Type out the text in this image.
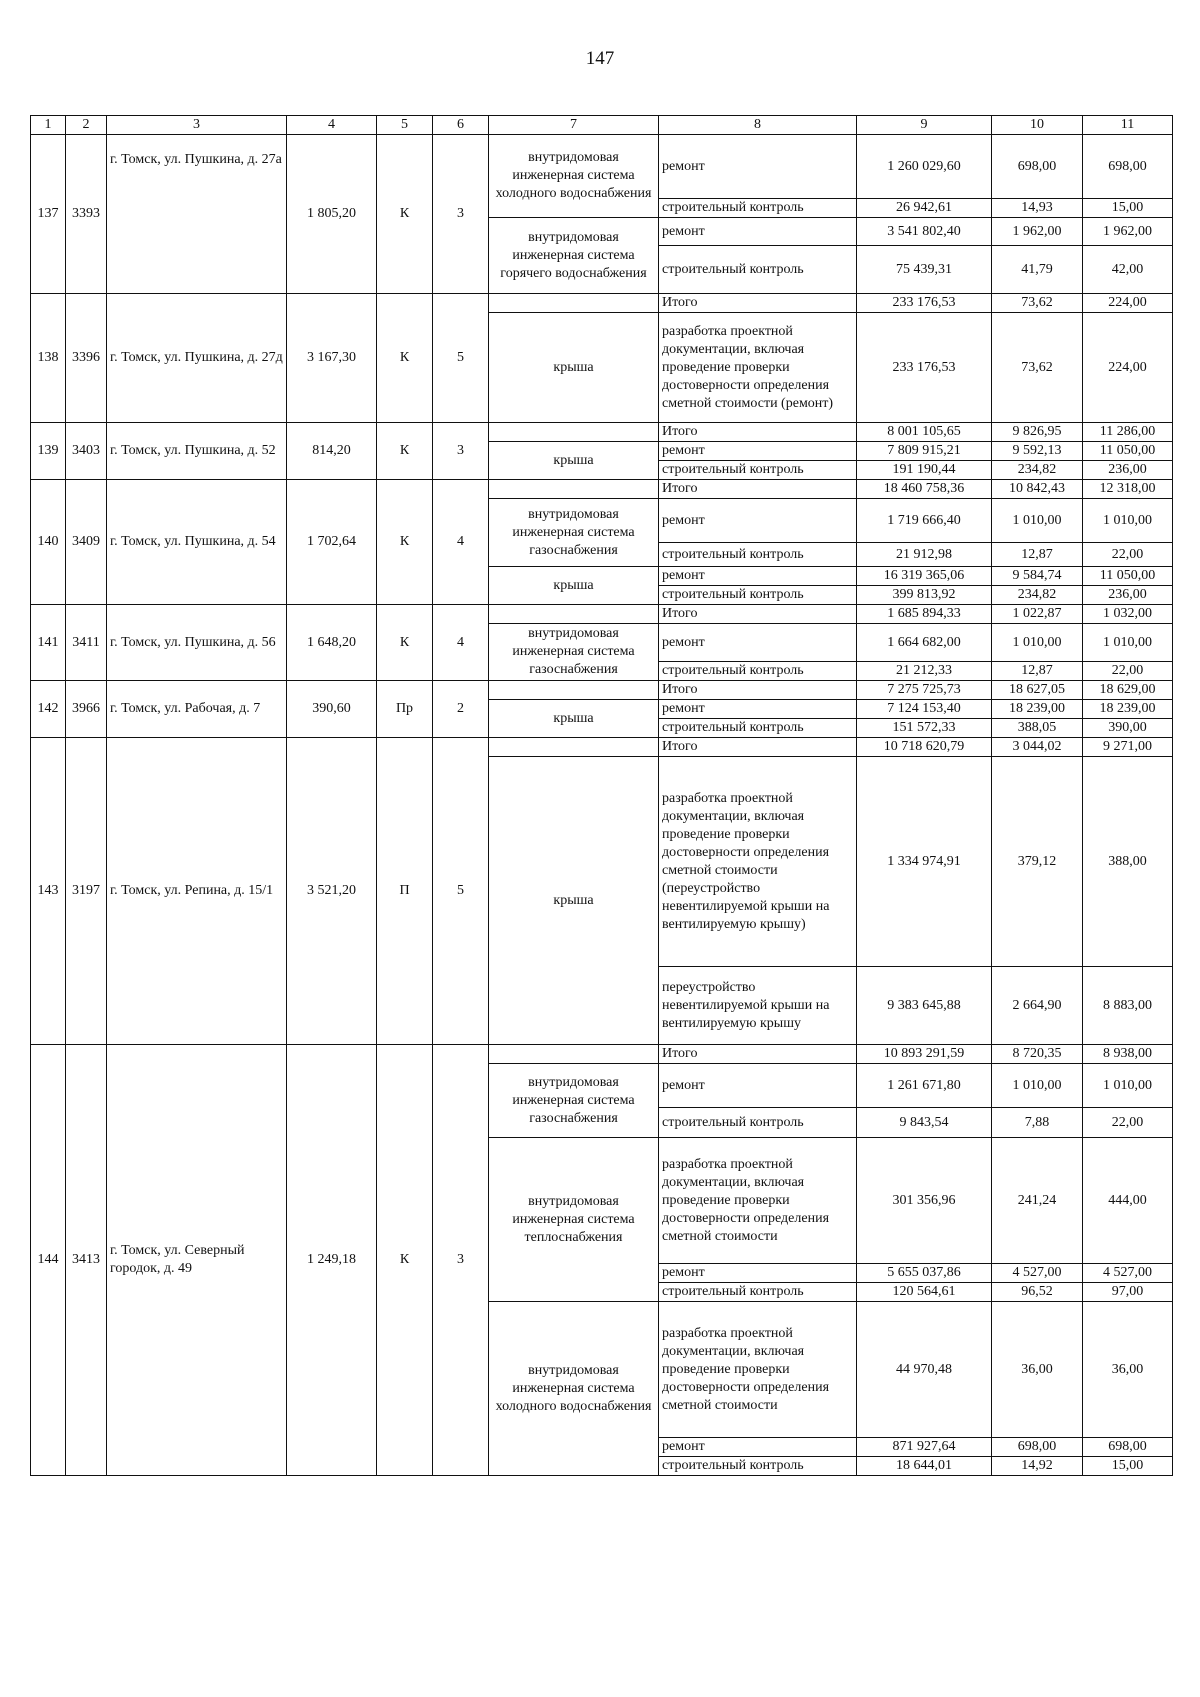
147
1	2	3	4	5	6	7	8	9	10	11
137	3393	г. Томск, ул. Пушкина, д. 27а	1 805,20	К	3	внутридомовая инженерная система холодного водоснабжения	ремонт	1 260 029,60	698,00	698,00
							строительный контроль	26 942,61	14,93	15,00
						внутридомовая инженерная система горячего водоснабжения	ремонт	3 541 802,40	1 962,00	1 962,00
							строительный контроль	75 439,31	41,79	42,00
138	3396	г. Томск, ул. Пушкина, д. 27д	3 167,30	К	5		Итого	233 176,53	73,62	224,00
						крыша	разработка проектной документации, включая проведение проверки достоверности определения сметной стоимости (ремонт)	233 176,53	73,62	224,00
139	3403	г. Томск, ул. Пушкина, д. 52	814,20	К	3		Итого	8 001 105,65	9 826,95	11 286,00
						крыша	ремонт	7 809 915,21	9 592,13	11 050,00
							строительный контроль	191 190,44	234,82	236,00
140	3409	г. Томск, ул. Пушкина, д. 54	1 702,64	К	4		Итого	18 460 758,36	10 842,43	12 318,00
						внутридомовая инженерная система газоснабжения	ремонт	1 719 666,40	1 010,00	1 010,00
							строительный контроль	21 912,98	12,87	22,00
						крыша	ремонт	16 319 365,06	9 584,74	11 050,00
							строительный контроль	399 813,92	234,82	236,00
141	3411	г. Томск, ул. Пушкина, д. 56	1 648,20	К	4		Итого	1 685 894,33	1 022,87	1 032,00
						внутридомовая инженерная система газоснабжения	ремонт	1 664 682,00	1 010,00	1 010,00
							строительный контроль	21 212,33	12,87	22,00
142	3966	г. Томск, ул. Рабочая, д. 7	390,60	Пр	2		Итого	7 275 725,73	18 627,05	18 629,00
						крыша	ремонт	7 124 153,40	18 239,00	18 239,00
							строительный контроль	151 572,33	388,05	390,00
143	3197	г. Томск, ул. Репина, д. 15/1	3 521,20	П	5		Итого	10 718 620,79	3 044,02	9 271,00
						крыша	разработка проектной документации, включая проведение проверки достоверности определения сметной стоимости (переустройство невентилируемой крыши на вентилируемую крышу)	1 334 974,91	379,12	388,00
							переустройство невентилируемой крыши на вентилируемую крышу	9 383 645,88	2 664,90	8 883,00
144	3413	г. Томск, ул. Северный городок, д. 49	1 249,18	К	3		Итого	10 893 291,59	8 720,35	8 938,00
						внутридомовая инженерная система газоснабжения	ремонт	1 261 671,80	1 010,00	1 010,00
							строительный контроль	9 843,54	7,88	22,00
						внутридомовая инженерная система теплоснабжения	разработка проектной документации, включая проведение проверки достоверности определения сметной стоимости	301 356,96	241,24	444,00
							ремонт	5 655 037,86	4 527,00	4 527,00
							строительный контроль	120 564,61	96,52	97,00
						внутридомовая инженерная система холодного водоснабжения	разработка проектной документации, включая проведение проверки достоверности определения сметной стоимости	44 970,48	36,00	36,00
							ремонт	871 927,64	698,00	698,00
							строительный контроль	18 644,01	14,92	15,00
